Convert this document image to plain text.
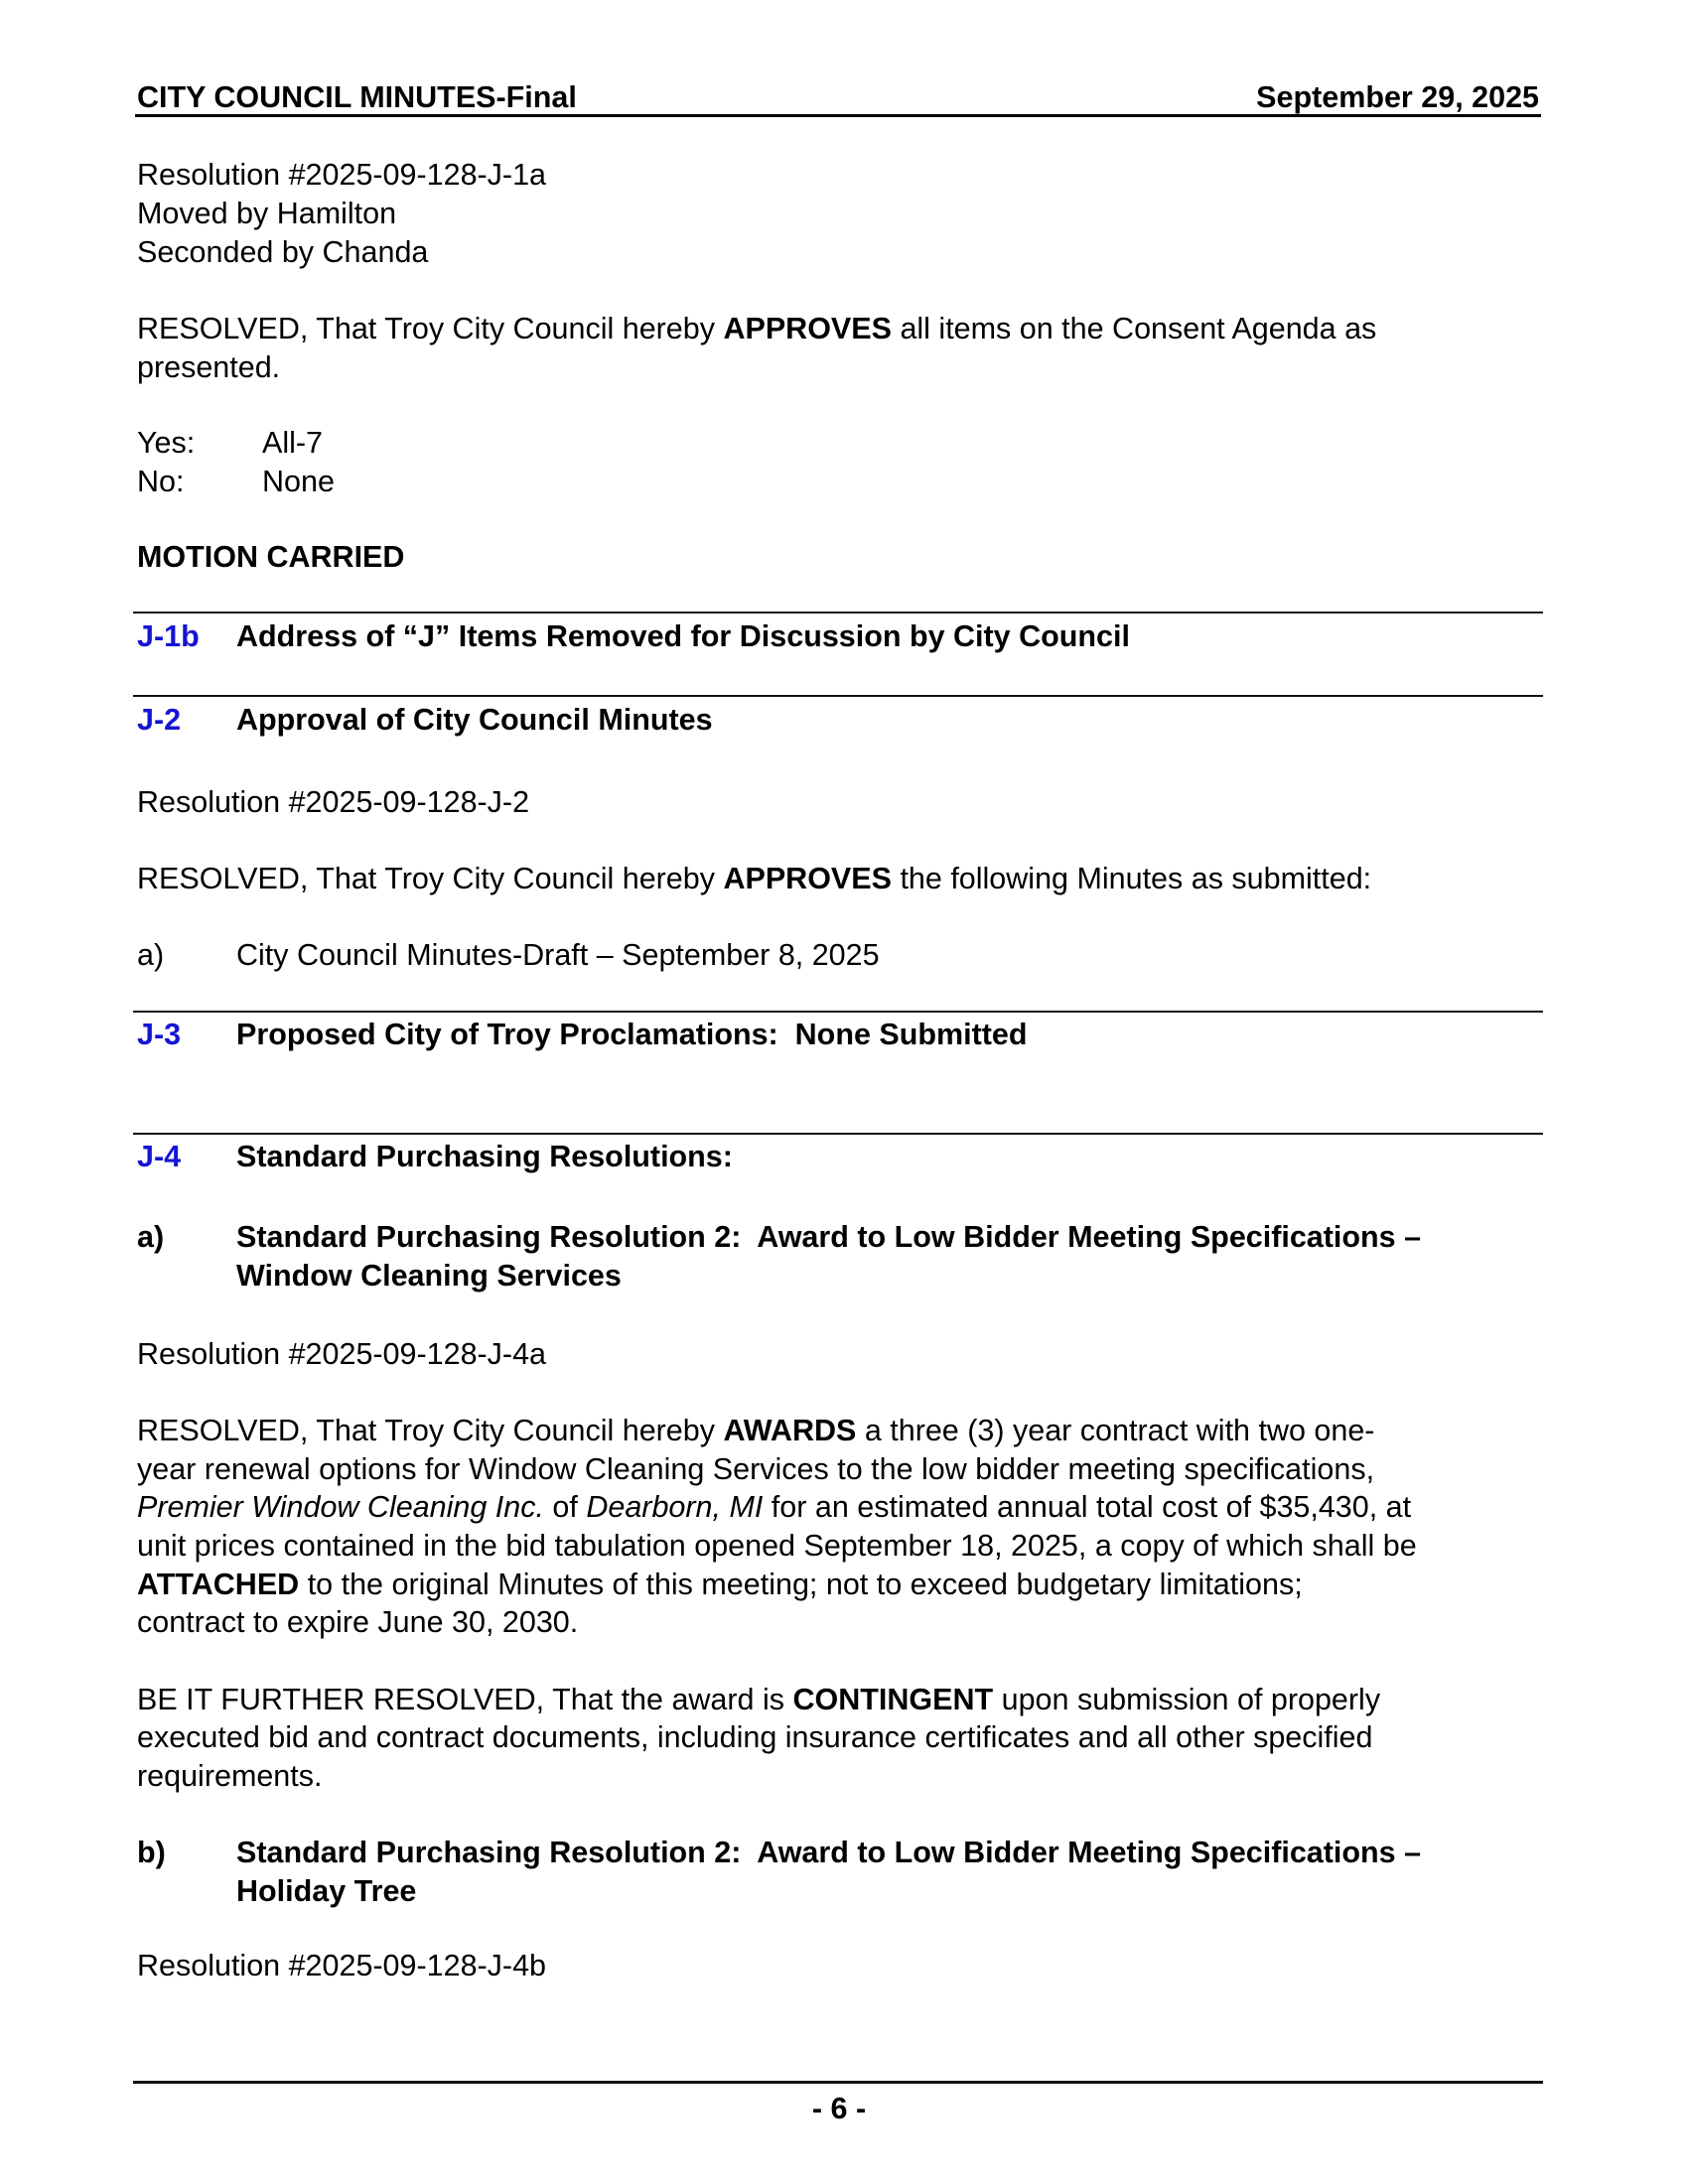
CITY COUNCIL MINUTES-Final	September 29, 2025
Resolution #2025-09-128-J-1a
Moved by Hamilton
Seconded by Chanda
RESOLVED, That Troy City Council hereby APPROVES all items on the Consent Agenda as
presented.
Yes: All-7
No:	None
MOTION CARRIED
J-1b Address of “J” Items Removed for Discussion by City Council
J-2 Approval of City Council Minutes
Resolution #2025-09-128-J-2
RESOLVED, That Troy City Council hereby APPROVES the following Minutes as submitted:
a) City Council Minutes-Draft – September 8, 2025
J-3 Proposed City of Troy Proclamations:  None Submitted
J-4 Standard Purchasing Resolutions:
a) Standard Purchasing Resolution 2:  Award to Low Bidder Meeting Specifications –
Window Cleaning Services
Resolution #2025-09-128-J-4a
RESOLVED, That Troy City Council hereby AWARDS a three (3) year contract with two one-
year renewal options for Window Cleaning Services to the low bidder meeting specifications,
Premier Window Cleaning Inc. of Dearborn, MI for an estimated annual total cost of $35,430, at
unit prices contained in the bid tabulation opened September 18, 2025, a copy of which shall be
ATTACHED to the original Minutes of this meeting; not to exceed budgetary limitations;
contract to expire June 30, 2030.
BE IT FURTHER RESOLVED, That the award is CONTINGENT upon submission of properly
executed bid and contract documents, including insurance certificates and all other specified
requirements.
b) Standard Purchasing Resolution 2:  Award to Low Bidder Meeting Specifications –
Holiday Tree
Resolution #2025-09-128-J-4b
- 6 -
